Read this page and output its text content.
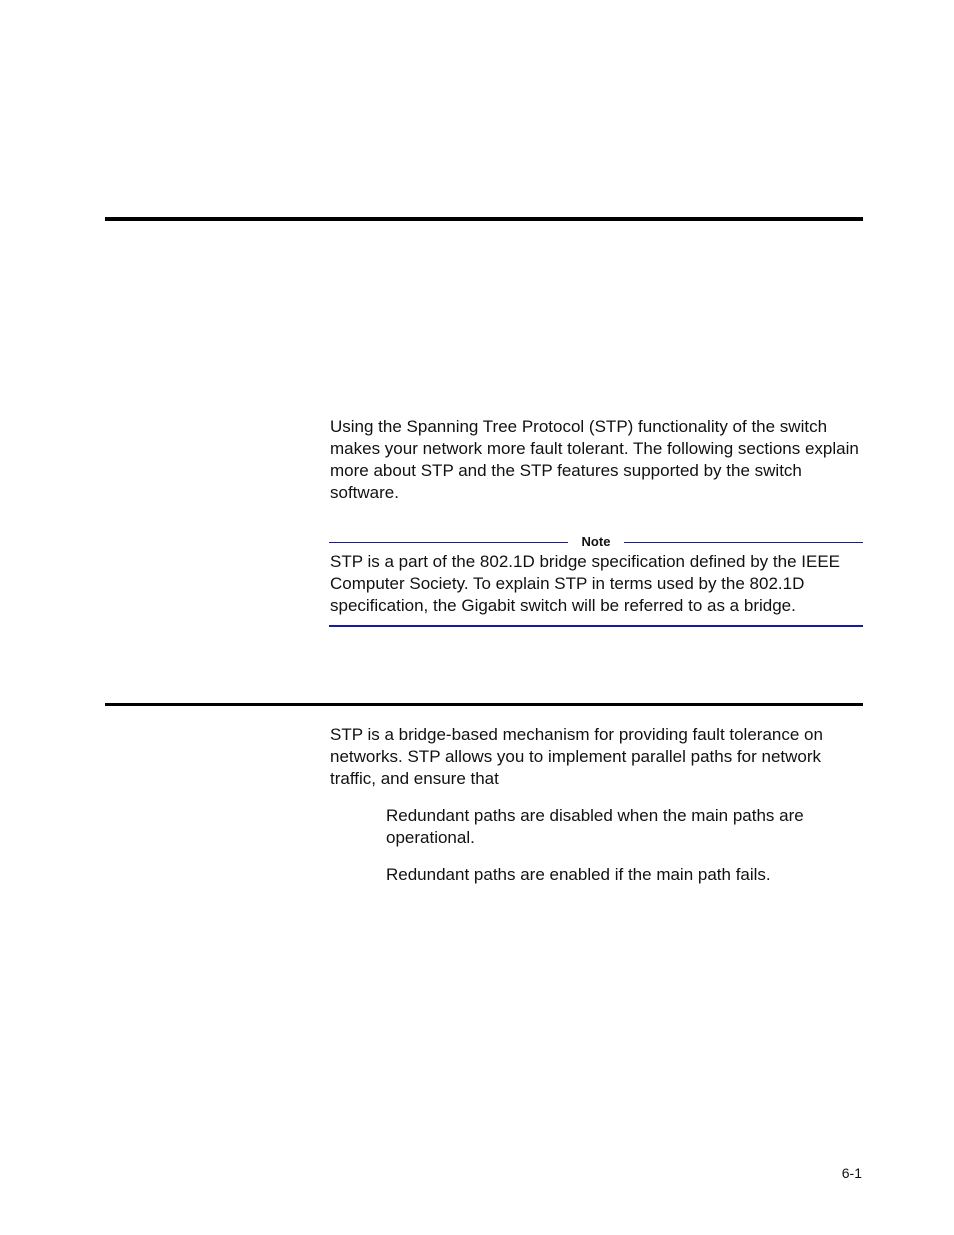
Using the Spanning Tree Protocol (STP) functionality of the switch makes your network more fault tolerant. The following sections explain more about STP and the STP features supported by the switch software.

Note

STP is a part of the 802.1D bridge specification defined by the IEEE Computer Society. To explain STP in terms used by the 802.1D specification, the Gigabit switch will be referred to as a bridge.

STP is a bridge-based mechanism for providing fault tolerance on networks. STP allows you to implement parallel paths for network traffic, and ensure that

Redundant paths are disabled when the main paths are operational.
Redundant paths are enabled if the main path fails.
6-1
